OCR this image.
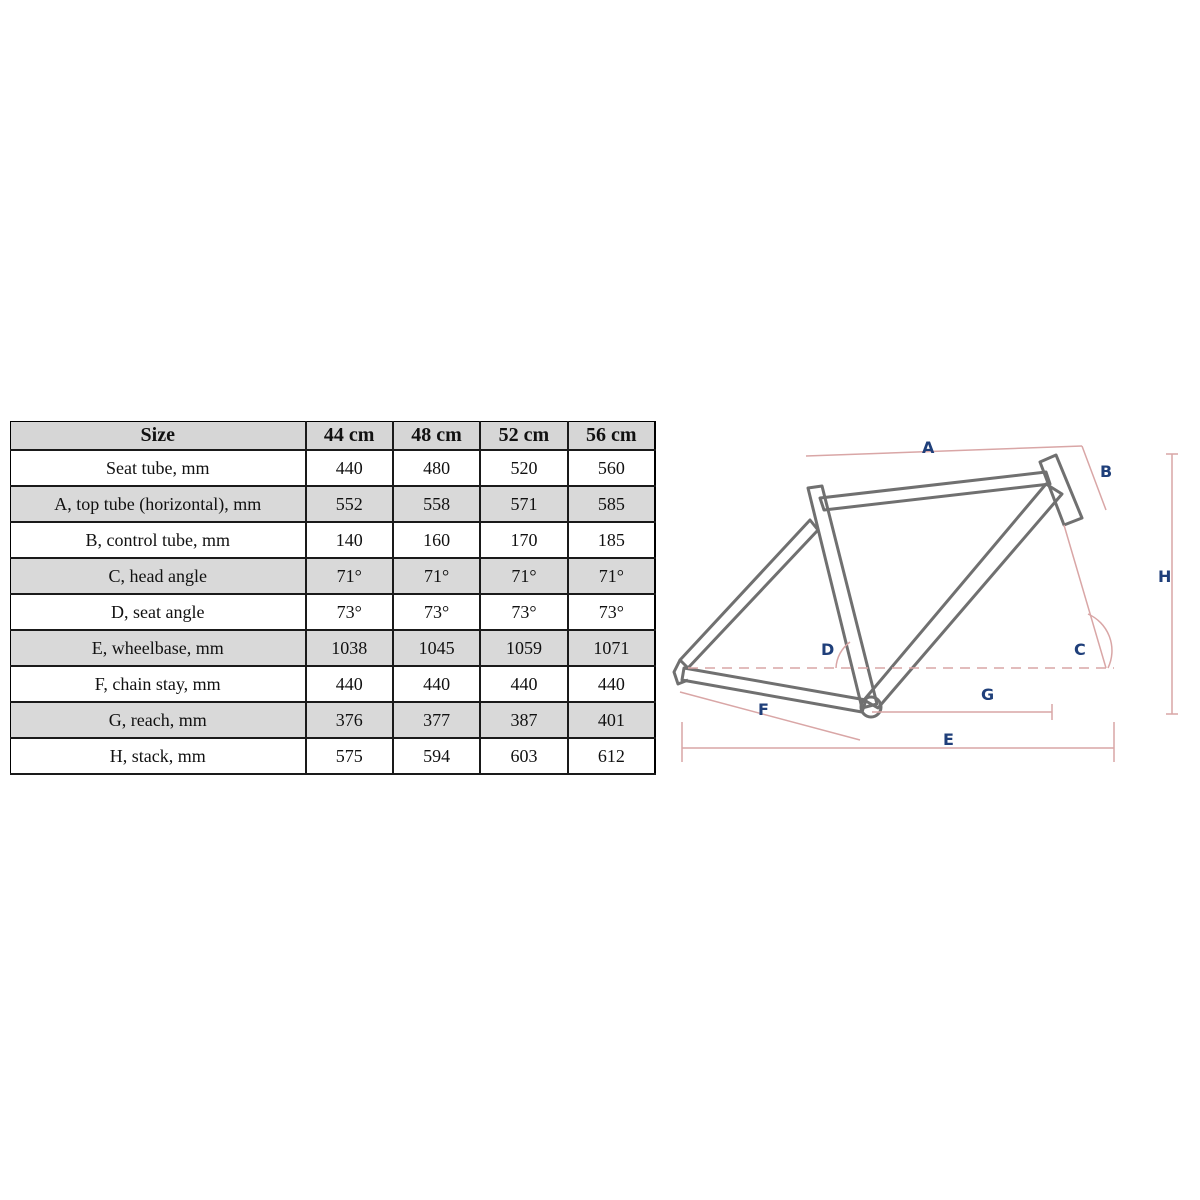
Size	44 cm	48 cm	52 cm	56 cm
Seat tube, mm	440	480	520	560
A, top tube (horizontal), mm	552	558	571	585
B, control tube, mm	140	160	170	185
C, head angle	71°	71°	71°	71°
D, seat angle	73°	73°	73°	73°
E, wheelbase, mm	1038	1045	1059	1071
F, chain stay, mm	440	440	440	440
G, reach, mm	376	377	387	401
H, stack, mm	575	594	603	612
A
B
C
D
E
F
G
H
